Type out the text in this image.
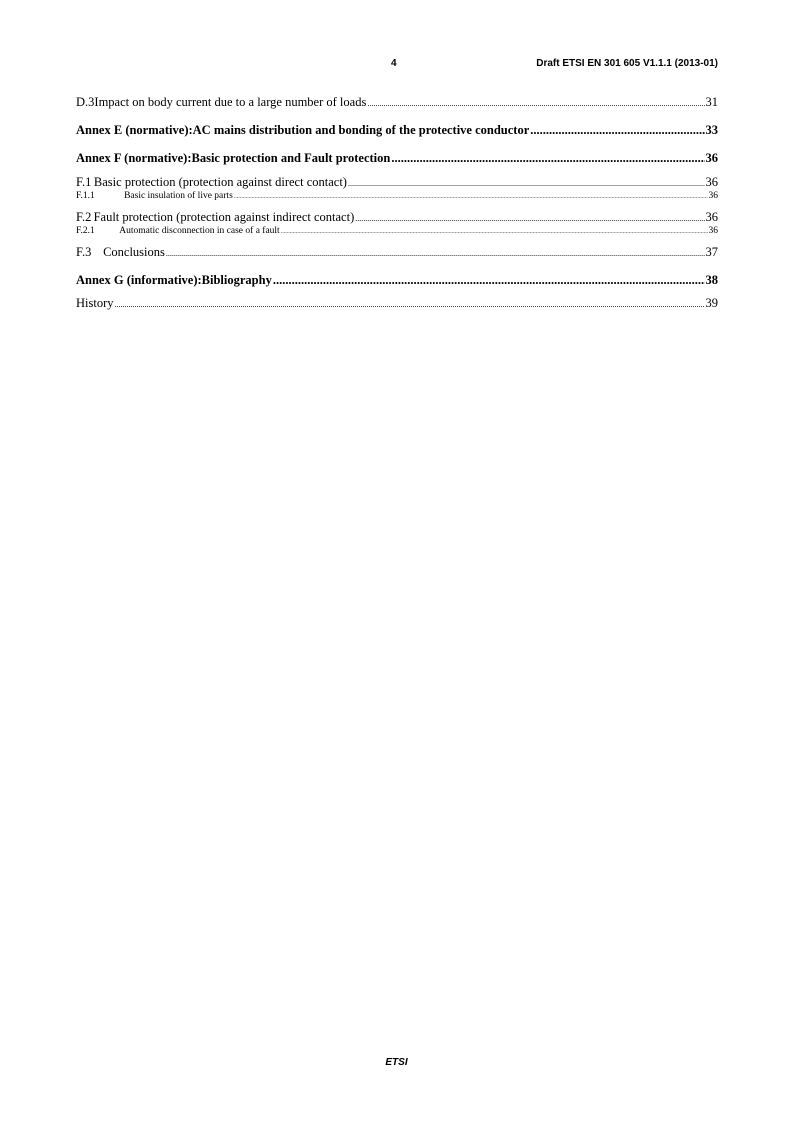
4	Draft ETSI EN 301 605 V1.1.1 (2013-01)
D.3 Impact on body current due to a large number of loads .....	31
Annex E (normative): AC mains distribution and bonding of the protective conductor .....	33
Annex F (normative): Basic protection and Fault protection .....	36
F.1 Basic protection (protection against direct contact) .....	36
F.1.1	Basic insulation of live parts .....	36
F.2 Fault protection (protection against indirect contact) .....	36
F.2.1	Automatic disconnection in case of a fault .....	36
F.3 Conclusions .....	37
Annex G (informative): Bibliography .....	38
History .....	39
ETSI
